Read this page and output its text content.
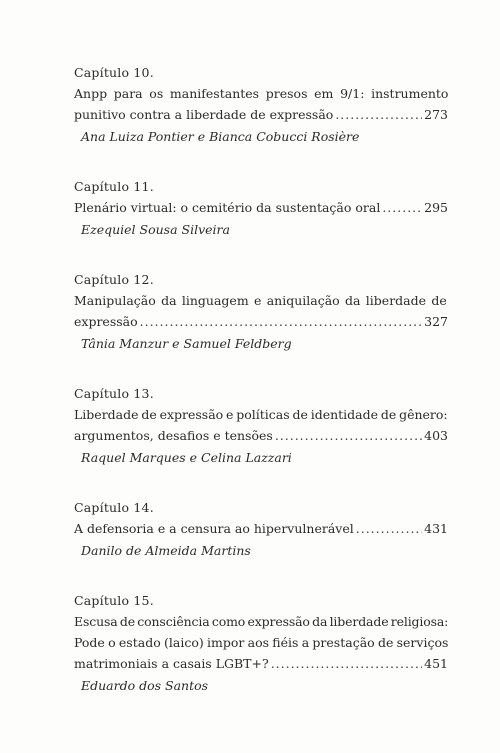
Capítulo 10.

Anpp para os manifestantes presos em 9/1: instrumento

punitivo contra a liberdade de expressão .....	273

Ana Luiza Pontier e Bianca Cobucci Rosière

Capítulo 11.

Plenário virtual: o cemitério da sustentação oral .....	295

Ezequiel Sousa Silveira

Capítulo 12.

Manipulação da linguagem e aniquilação da liberdade de

expressão .....	327

Tânia Manzur e Samuel Feldberg

Capítulo 13.

Liberdade de expressão e políticas de identidade de gênero:

argumentos, desafios e tensões .....	403

Raquel Marques e Celina Lazzari

Capítulo 14.

A defensoria e a censura ao hipervulnerável .....	431

Danilo de Almeida Martins

Capítulo 15.

Escusa de consciência como expressão da liberdade religiosa:

Pode o estado (laico) impor aos fiéis a prestação de serviços

matrimoniais a casais LGBT+? .....	451

Eduardo dos Santos
